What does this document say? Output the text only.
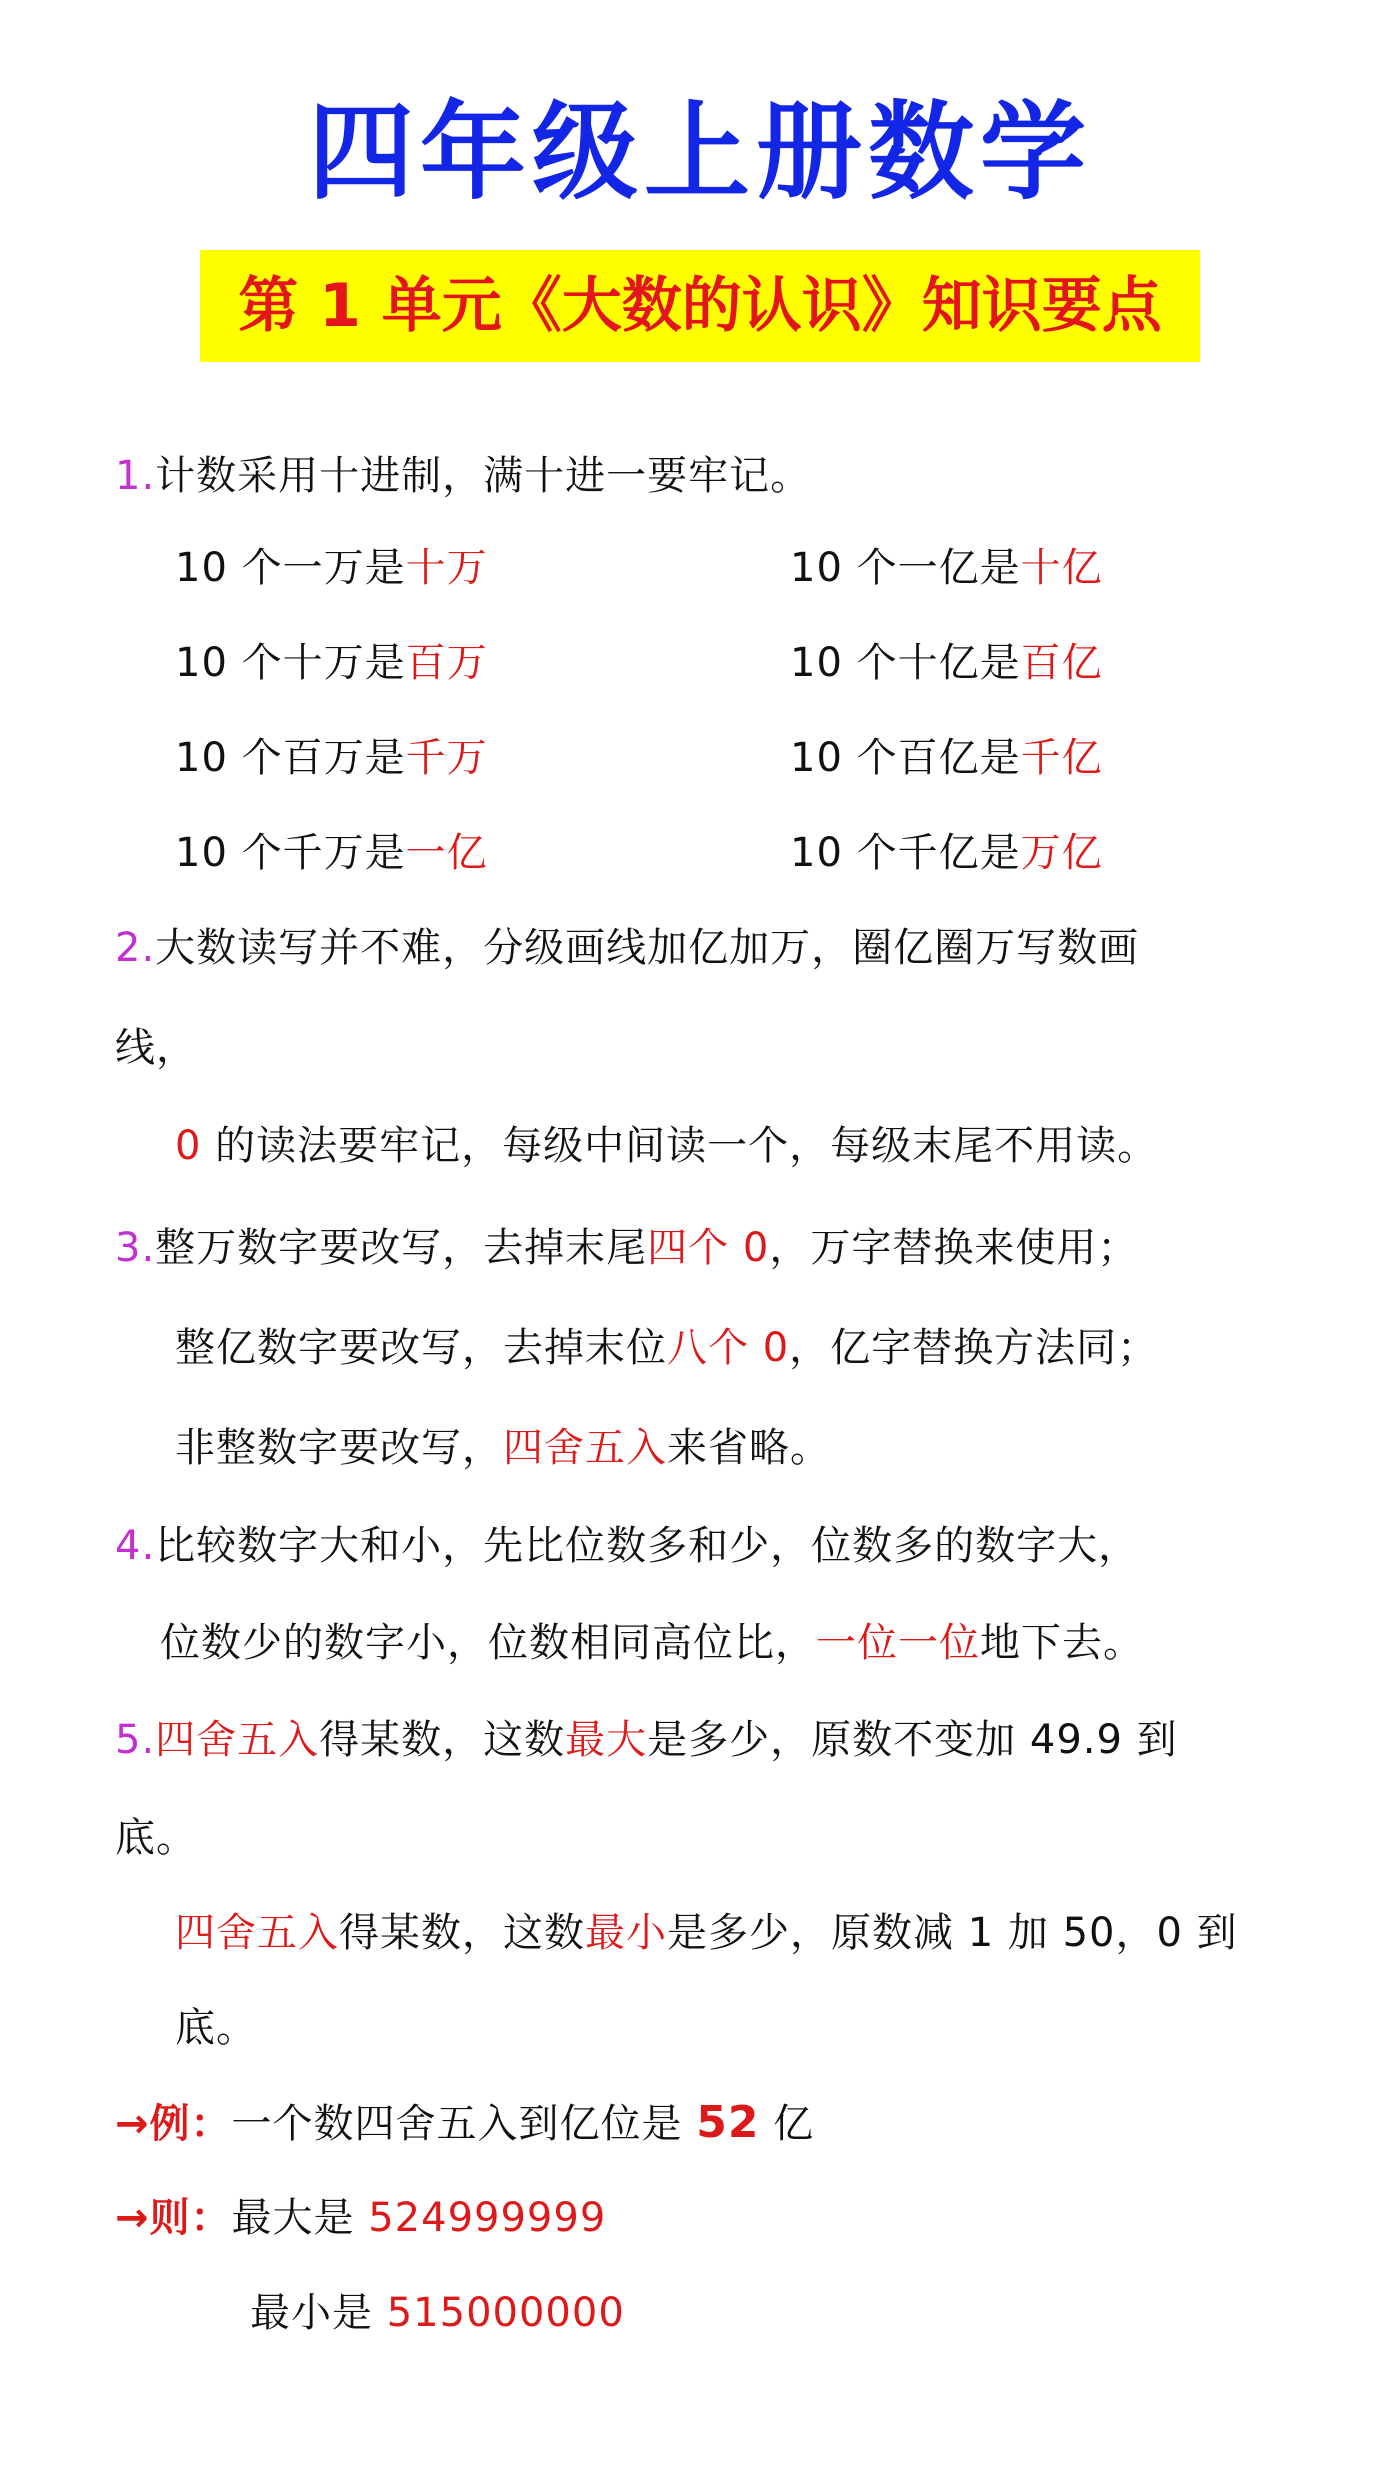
四年级上册数学
第 1 单元《大数的认识》知识要点
1.计数采用十进制，满十进一要牢记。
10 个一万是十万	10 个一亿是十亿
10 个十万是百万	10 个十亿是百亿
10 个百万是千万	10 个百亿是千亿
10 个千万是一亿	10 个千亿是万亿
2.大数读写并不难，分级画线加亿加万，圈亿圈万写数画
线，
0 的读法要牢记，每级中间读一个，每级末尾不用读。
3.整万数字要改写，去掉末尾四个 0，万字替换来使用；
整亿数字要改写，去掉末位八个 0，亿字替换方法同；
非整数字要改写，四舍五入来省略。
4.比较数字大和小，先比位数多和少，位数多的数字大，
位数少的数字小，位数相同高位比，一位一位地下去。
5.四舍五入得某数，这数最大是多少，原数不变加 49.9 到
底。
四舍五入得某数，这数最小是多少，原数减 1 加 50，0 到
底。
→例：一个数四舍五入到亿位是 52 亿
→则：最大是 524999999
最小是 515000000
